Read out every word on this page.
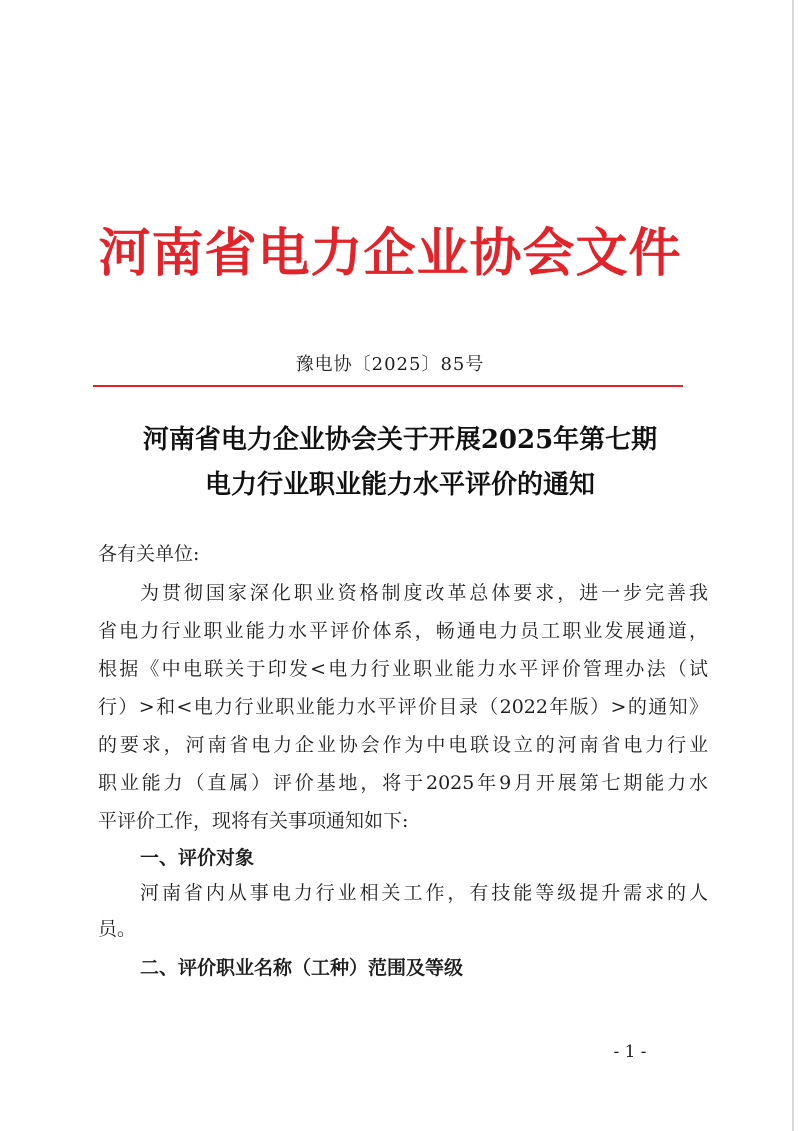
河南省电力企业协会文件
豫电协〔2025〕85号
河南省电力企业协会关于开展2025年第七期
电力行业职业能力水平评价的通知
各有关单位:
为贯彻国家深化职业资格制度改革总体要求，进一步完善我
省电力行业职业能力水平评价体系，畅通电力员工职业发展通道，
根据《中电联关于印发<电力行业职业能力水平评价管理办法（试
行）>和<电力行业职业能力水平评价目录（2022年版）>的通知》
的要求，河南省电力企业协会作为中电联设立的河南省电力行业
职业能力（直属）评价基地，将于2025年9月开展第七期能力水
平评价工作，现将有关事项通知如下:
一、评价对象
河南省内从事电力行业相关工作，有技能等级提升需求的人
员。
二、评价职业名称（工种）范围及等级
- 1 -
